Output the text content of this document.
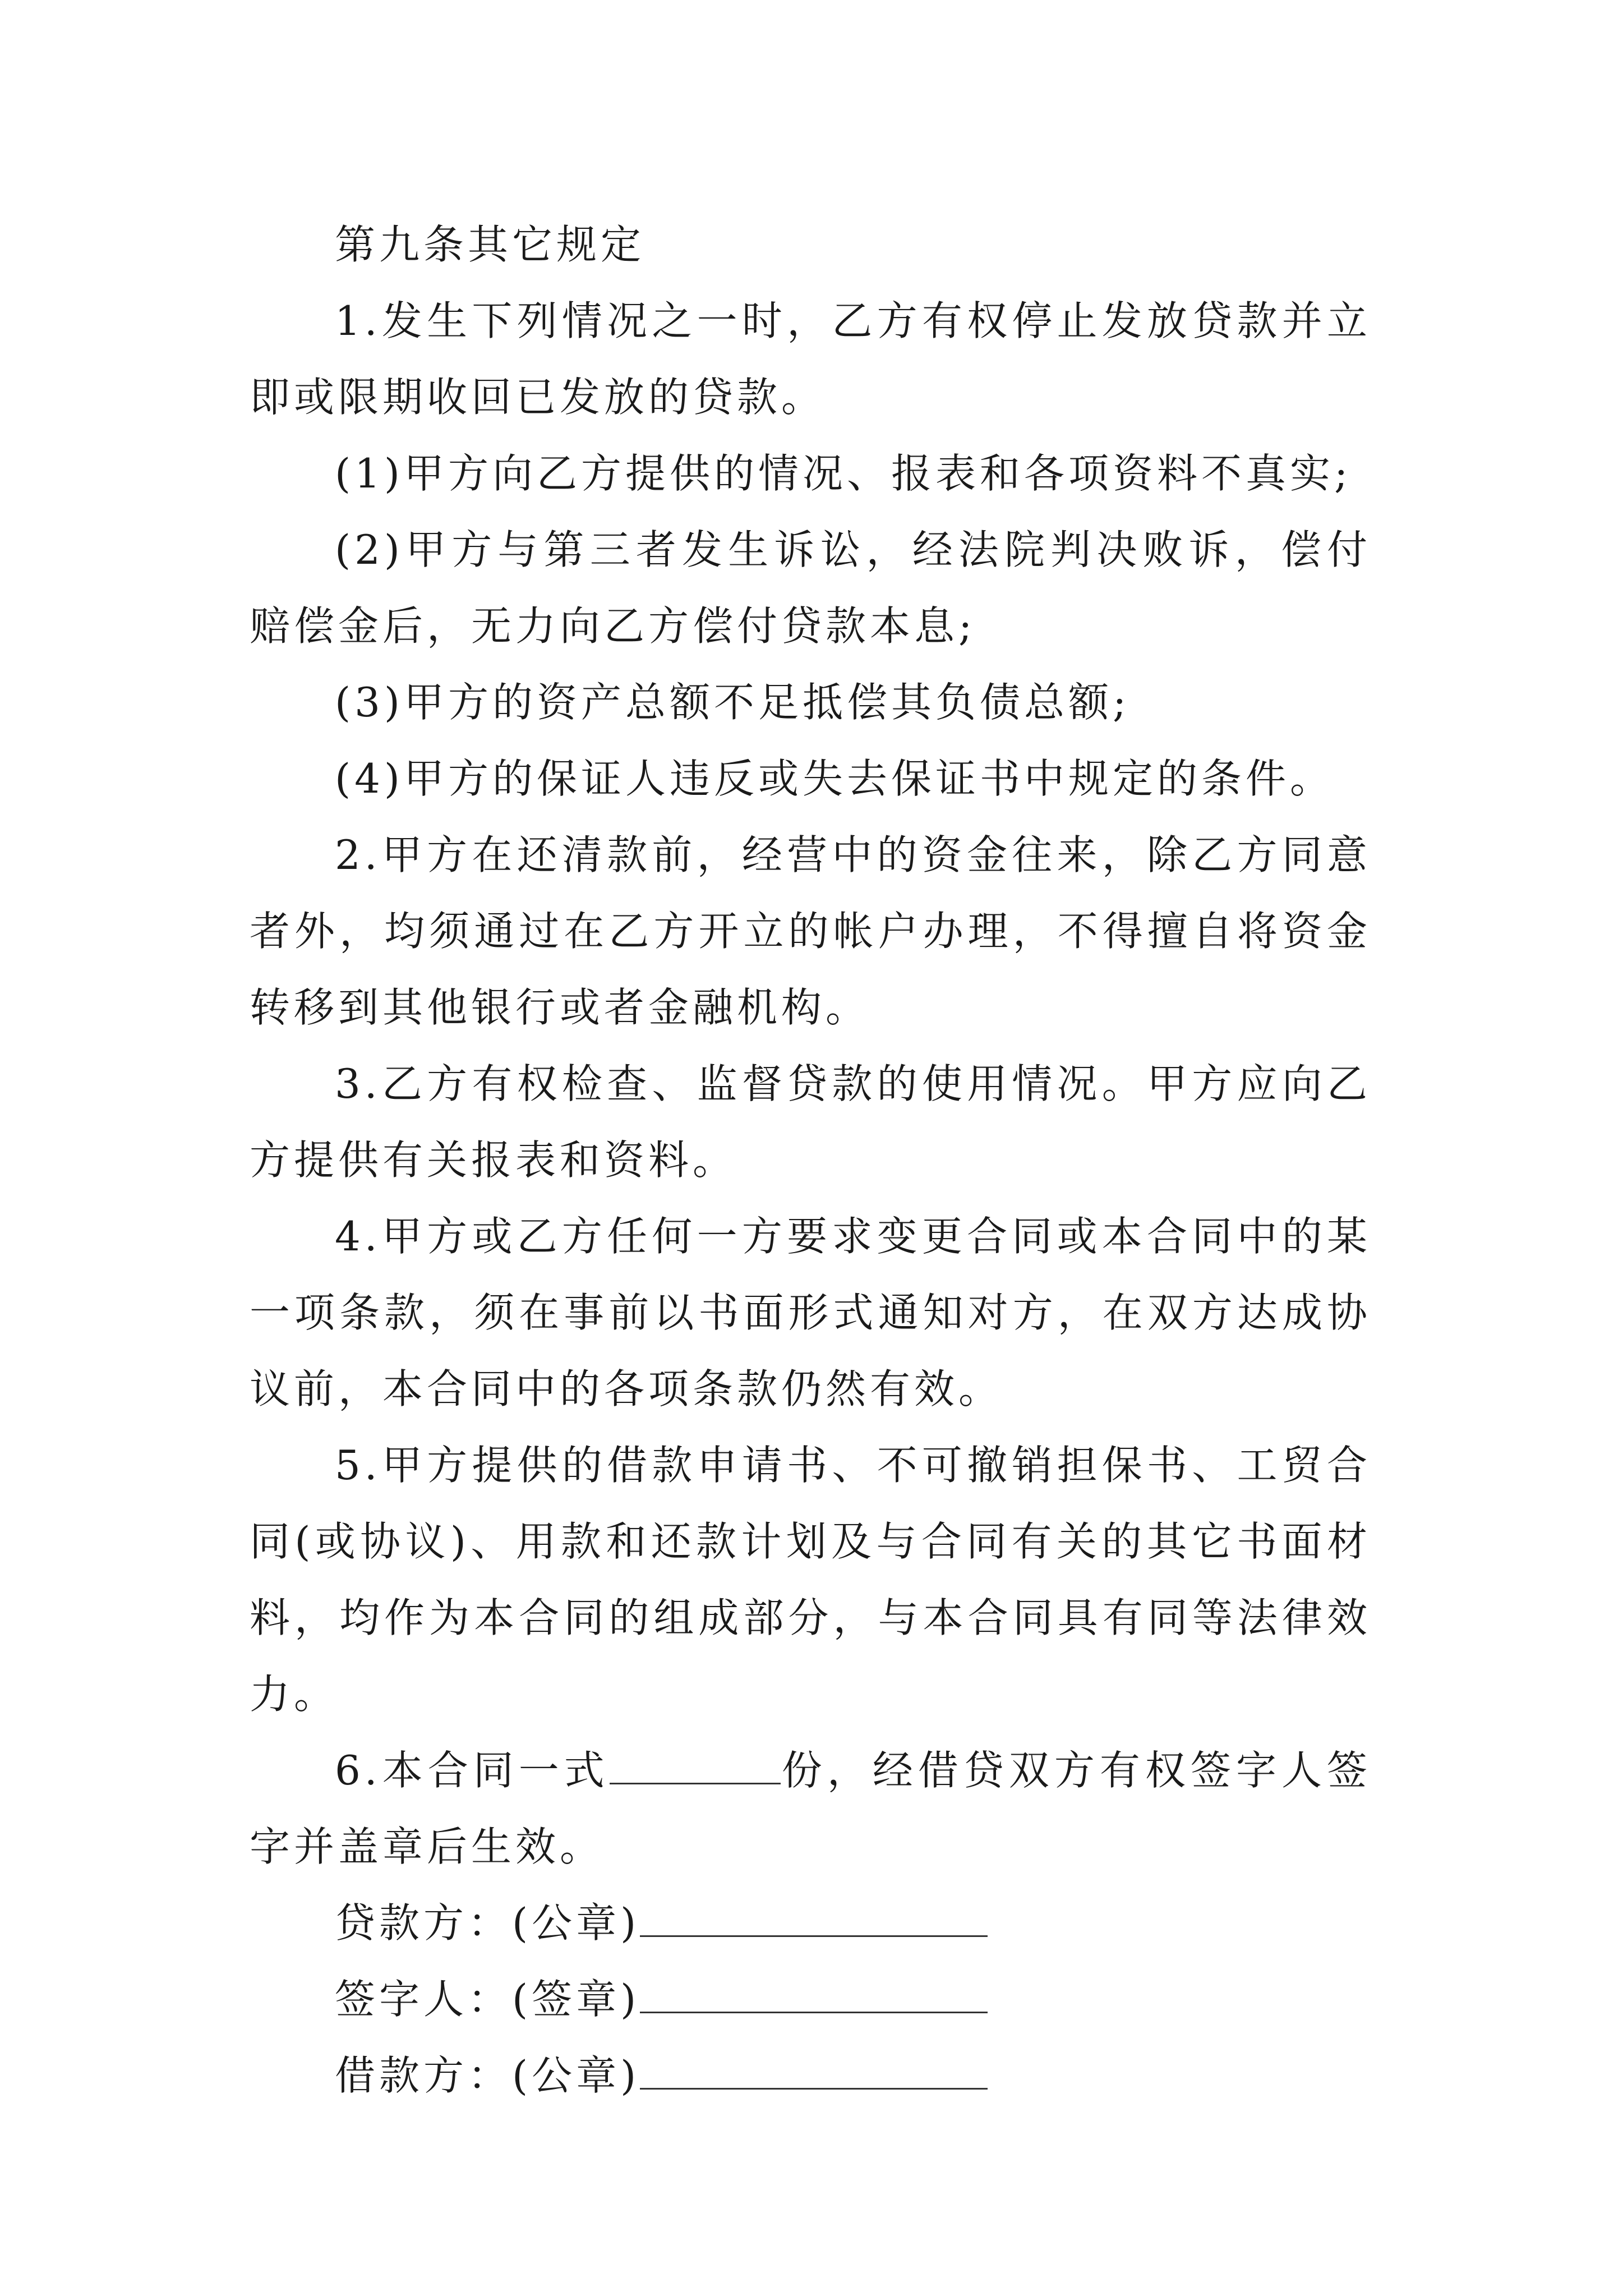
第九条其它规定

1.发生下列情况之一时，乙方有权停止发放贷款并立即或限期收回已发放的贷款。

(1)甲方向乙方提供的情况、报表和各项资料不真实;

(2)甲方与第三者发生诉讼，经法院判决败诉，偿付赔偿金后，无力向乙方偿付贷款本息;

(3)甲方的资产总额不足抵偿其负债总额;

(4)甲方的保证人违反或失去保证书中规定的条件。

2.甲方在还清款前，经营中的资金往来，除乙方同意者外，均须通过在乙方开立的帐户办理，不得擅自将资金转移到其他银行或者金融机构。

3.乙方有权检查、监督贷款的使用情况。甲方应向乙方提供有关报表和资料。

4.甲方或乙方任何一方要求变更合同或本合同中的某一项条款，须在事前以书面形式通知对方，在双方达成协议前，本合同中的各项条款仍然有效。

5.甲方提供的借款申请书、不可撤销担保书、工贸合同(或协议)、用款和还款计划及与合同有关的其它书面材料，均作为本合同的组成部分，与本合同具有同等法律效力。

6.本合同一式	份，经借贷双方有权签字人签字并盖章后生效。

贷款方：(公章)
签字人：(签章)
借款方：(公章)
